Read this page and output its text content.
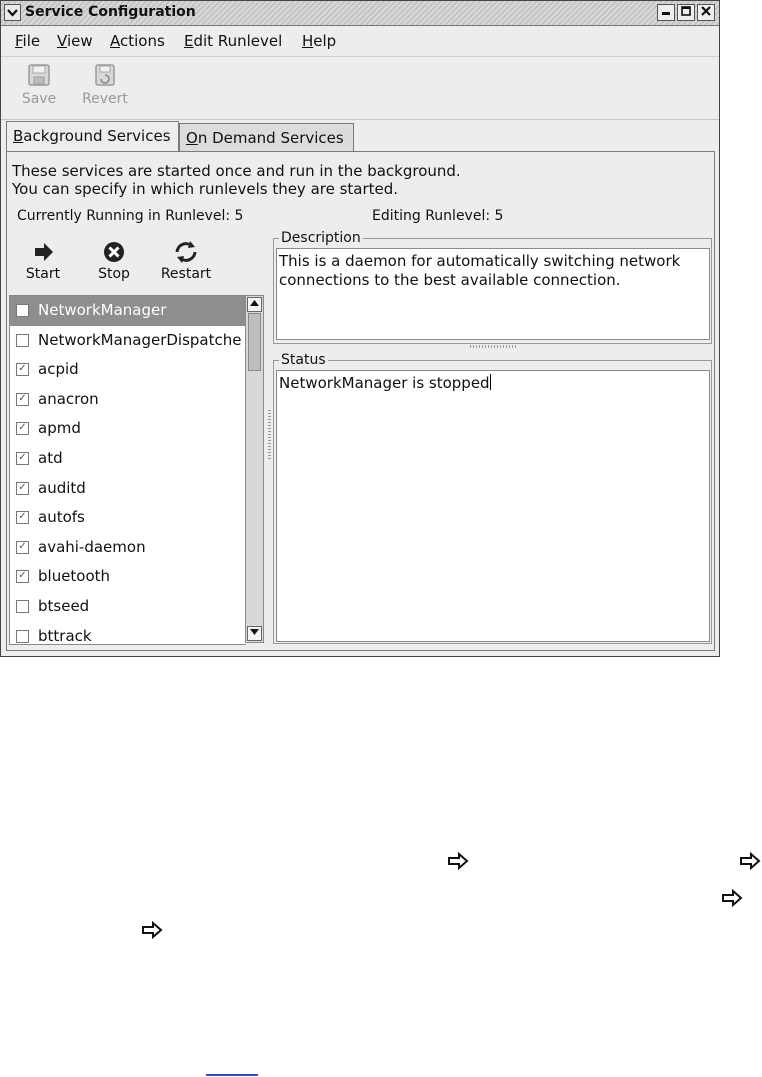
Service Configuration
File View Actions Edit Runlevel Help
Save	Revert
Background Services	On Demand Services
These services are started once and run in the background.
You can specify in which runlevels they are started.
Currently Running in Runlevel: 5	Editing Runlevel: 5
Start	Stop	Restart
NetworkManager
NetworkManagerDispatche
✓ acpid
✓ anacron
✓ apmd
✓ atd
✓ auditd
✓ autofs
✓ avahi-daemon
✓ bluetooth
btseed
bttrack
Description
This is a daemon for automatically switching network
connections to the best available connection.
Status
NetworkManager is stopped
